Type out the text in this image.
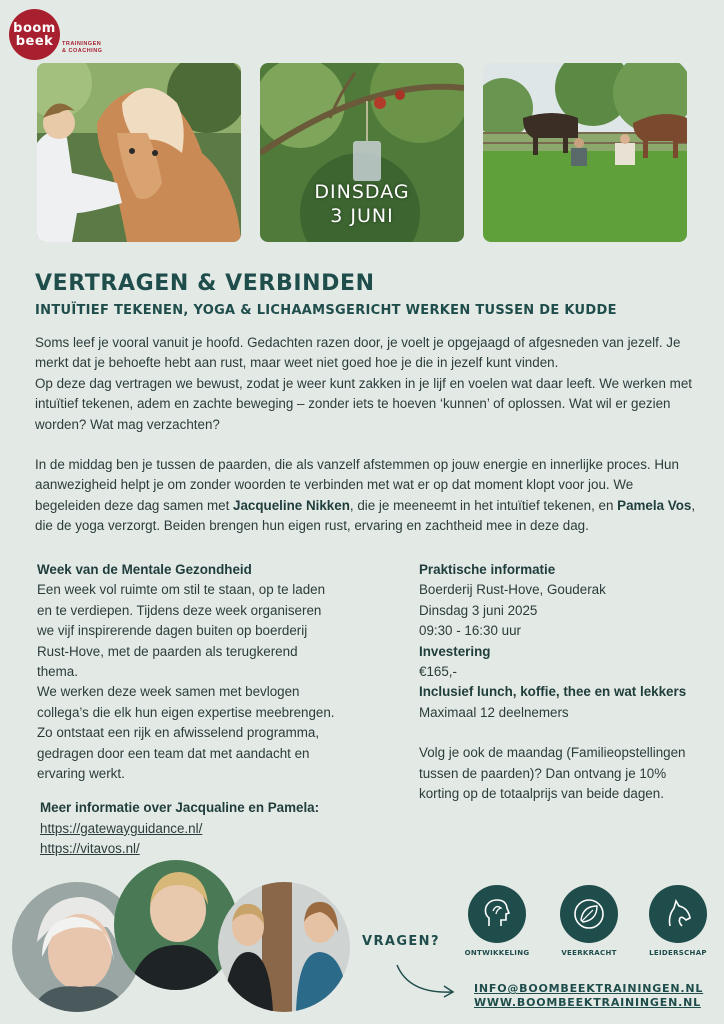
boom
beek TRAININGEN
& COACHING
DINSDAG
3 JUNI
VERTRAGEN & VERBINDEN
INTUÏTIEF TEKENEN, YOGA & LICHAAMSGERICHT WERKEN TUSSEN DE KUDDE

Soms leef je vooral vanuit je hoofd. Gedachten razen door, je voelt je opgejaagd of afgesneden van jezelf. Je merkt dat je behoefte hebt aan rust, maar weet niet goed hoe je die in jezelf kunt vinden.

Op deze dag vertragen we bewust, zodat je weer kunt zakken in je lijf en voelen wat daar leeft. We werken met intuïtief tekenen, adem en zachte beweging – zonder iets te hoeven ‘kunnen’ of oplossen. Wat wil er gezien worden? Wat mag verzachten?

In de middag ben je tussen de paarden, die als vanzelf afstemmen op jouw energie en innerlijke proces. Hun aanwezigheid helpt je om zonder woorden te verbinden met wat er op dat moment klopt voor jou. We begeleiden deze dag samen met Jacqueline Nikken, die je meeneemt in het intuïtief tekenen, en Pamela Vos, die de yoga verzorgt. Beiden brengen hun eigen rust, ervaring en zachtheid mee in deze dag.

Week van de Mentale Gezondheid

Een week vol ruimte om stil te staan, op te laden en te verdiepen. Tijdens deze week organiseren we vijf inspirerende dagen buiten op boerderij Rust-Hove, met de paarden als terugkerend thema.

We werken deze week samen met bevlogen collega’s die elk hun eigen expertise meebrengen. Zo ontstaat een rijk en afwisselend programma, gedragen door een team dat met aandacht en ervaring werkt.

Meer informatie over Jacqualine en Pamela:

https://gatewayguidance.nl/
https://vitavos.nl/

Praktische informatie

Boerderij Rust-Hove, Gouderak

Dinsdag 3 juni 2025

09:30 - 16:30 uur

Investering

€165,-

Inclusief lunch, koffie, thee en wat lekkers

Maximaal 12 deelnemers

Volg je ook de maandag (Familieopstellingen tussen de paarden)? Dan ontvang je 10% korting op de totaalprijs van beide dagen.

VRAGEN?
ONTWIKKELING	VEERKRACHT	LEIDERSCHAP
INFO@BOOMBEEKTRAININGEN.NL
WWW.BOOMBEEKTRAININGEN.NL
